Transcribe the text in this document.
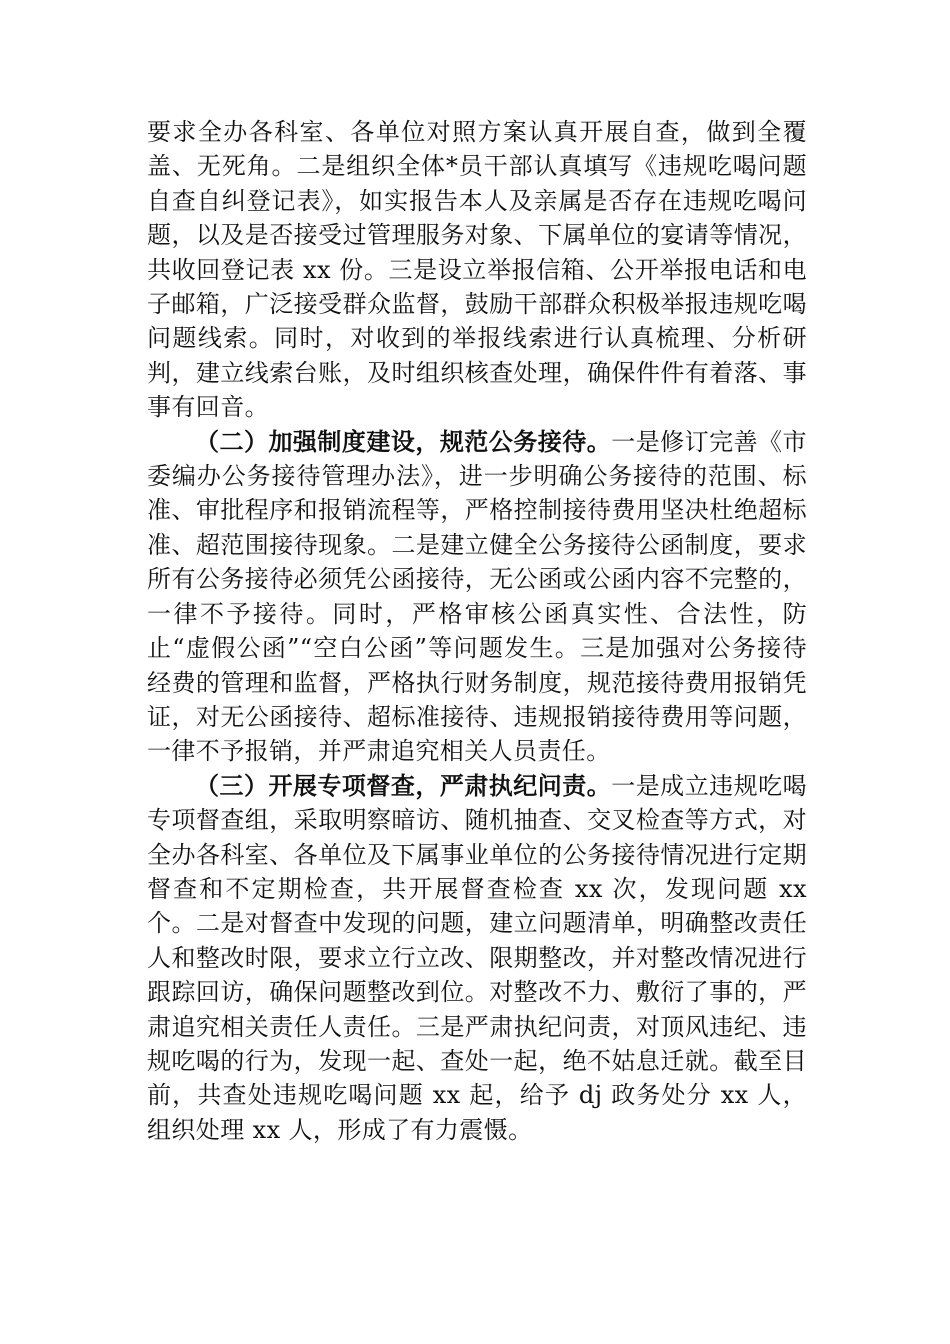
要求全办各科室、各单位对照方案认真开展自查，做到全覆盖、无死角。二是组织全体*员干部认真填写《违规吃喝问题自查自纠登记表》，如实报告本人及亲属是否存在违规吃喝问题，以及是否接受过管理服务对象、下属单位的宴请等情况，共收回登记表 xx 份。三是设立举报信箱、公开举报电话和电子邮箱，广泛接受群众监督，鼓励干部群众积极举报违规吃喝问题线索。同时，对收到的举报线索进行认真梳理、分析研判，建立线索台账，及时组织核查处理，确保件件有着落、事事有回音。

（二）加强制度建设，规范公务接待。一是修订完善《市委编办公务接待管理办法》，进一步明确公务接待的范围、标准、审批程序和报销流程等，严格控制接待费用坚决杜绝超标准、超范围接待现象。二是建立健全公务接待公函制度，要求所有公务接待必须凭公函接待，无公函或公函内容不完整的，一律不予接待。同时，严格审核公函真实性、合法性，防止“虚假公函”“空白公函”等问题发生。三是加强对公务接待经费的管理和监督，严格执行财务制度，规范接待费用报销凭证，对无公函接待、超标准接待、违规报销接待费用等问题，一律不予报销，并严肃追究相关人员责任。

（三）开展专项督查，严肃执纪问责。一是成立违规吃喝专项督查组，采取明察暗访、随机抽查、交叉检查等方式，对全办各科室、各单位及下属事业单位的公务接待情况进行定期督查和不定期检查，共开展督查检查 xx 次，发现问题 xx 个。二是对督查中发现的问题，建立问题清单，明确整改责任人和整改时限，要求立行立改、限期整改，并对整改情况进行跟踪回访，确保问题整改到位。对整改不力、敷衍了事的，严肃追究相关责任人责任。三是严肃执纪问责，对顶风违纪、违规吃喝的行为，发现一起、查处一起，绝不姑息迁就。截至目前，共查处违规吃喝问题 xx 起，给予 dj 政务处分 xx 人，组织处理 xx 人，形成了有力震慑。
